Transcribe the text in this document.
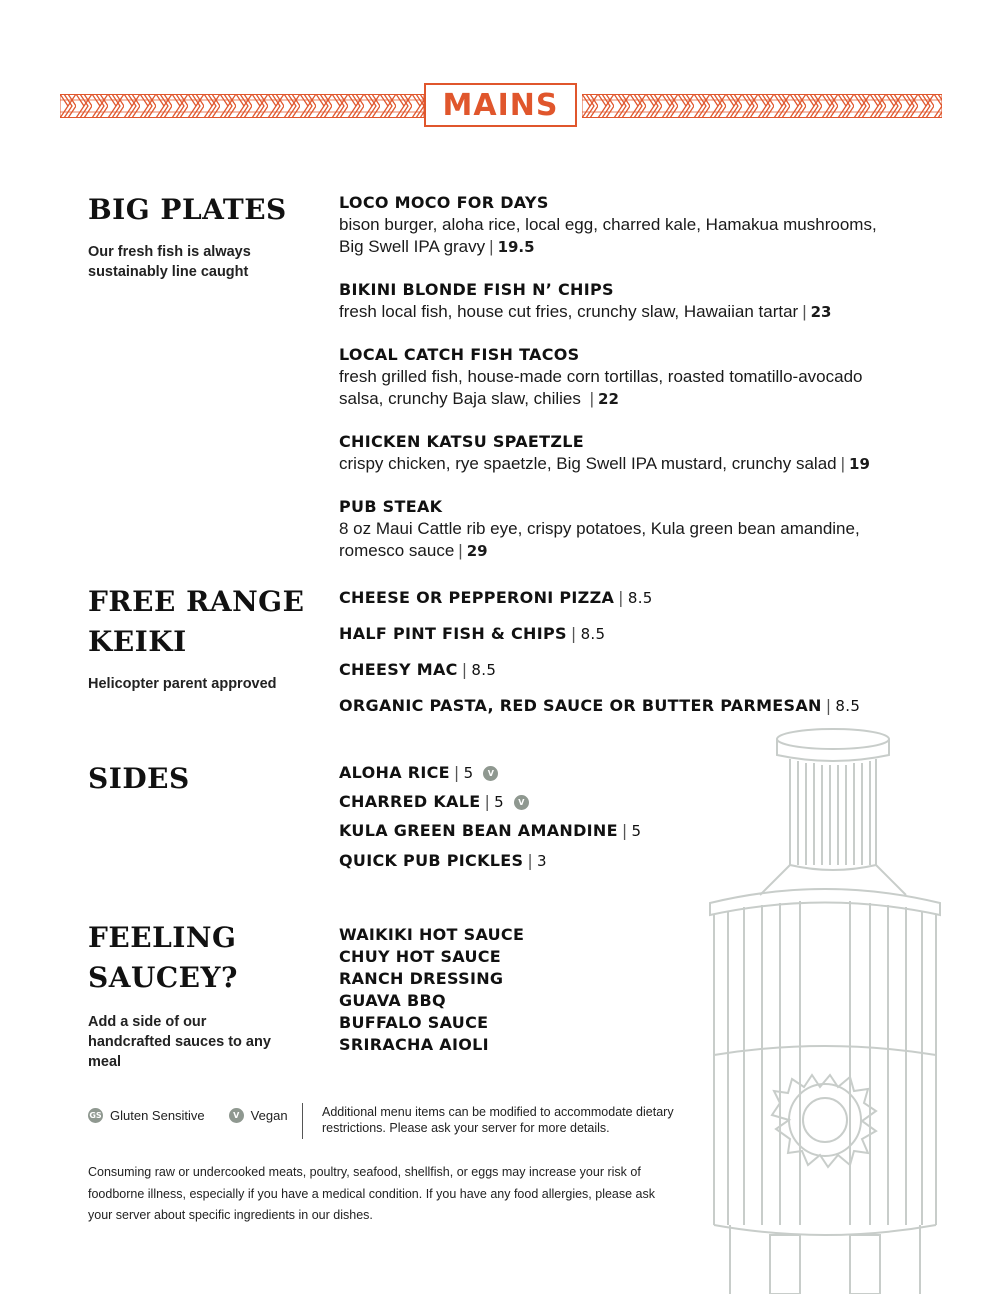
MAINS
BIG PLATES

Our fresh fish is always sustainably line caught

LOCO MOCO FOR DAYS
bison burger, aloha rice, local egg, charred kale, Hamakua mushrooms, Big Swell IPA gravy | 19.5
BIKINI BLONDE FISH N’ CHIPS
fresh local fish, house cut fries, crunchy slaw, Hawaiian tartar | 23
LOCAL CATCH FISH TACOS
fresh grilled fish, house-made corn tortillas, roasted tomatillo-avocado salsa, crunchy Baja slaw, chilies | 22
CHICKEN KATSU SPAETZLE
crispy chicken, rye spaetzle, Big Swell IPA mustard, crunchy salad | 19
PUB STEAK
8 oz Maui Cattle rib eye, crispy potatoes, Kula green bean amandine, romesco sauce | 29
FREE RANGE
KEIKI

Helicopter parent approved

CHEESE OR PEPPERONI PIZZA | 8.5
HALF PINT FISH & CHIPS | 8.5
CHEESY MAC | 8.5
ORGANIC PASTA, RED SAUCE OR BUTTER PARMESAN | 8.5
SIDES	ALOHA RICE | 5 V
CHARRED KALE | 5 V
KULA GREEN BEAN AMANDINE | 5
QUICK PUB PICKLES | 3
FEELING
SAUCEY?

Add a side of our handcrafted sauces to any meal

WAIKIKI HOT SAUCE
CHUY HOT SAUCE
RANCH DRESSING
GUAVA BBQ
BUFFALO SAUCE
SRIRACHA AIOLI
GS Gluten Sensitive	V Vegan	Additional menu items can be modified to accommodate dietary restrictions. Please ask your server for more details.

Consuming raw or undercooked meats, poultry, seafood, shellfish, or eggs may increase your risk of foodborne illness, especially if you have a medical condition. If you have any food allergies, please ask your server about specific ingredients in our dishes.
